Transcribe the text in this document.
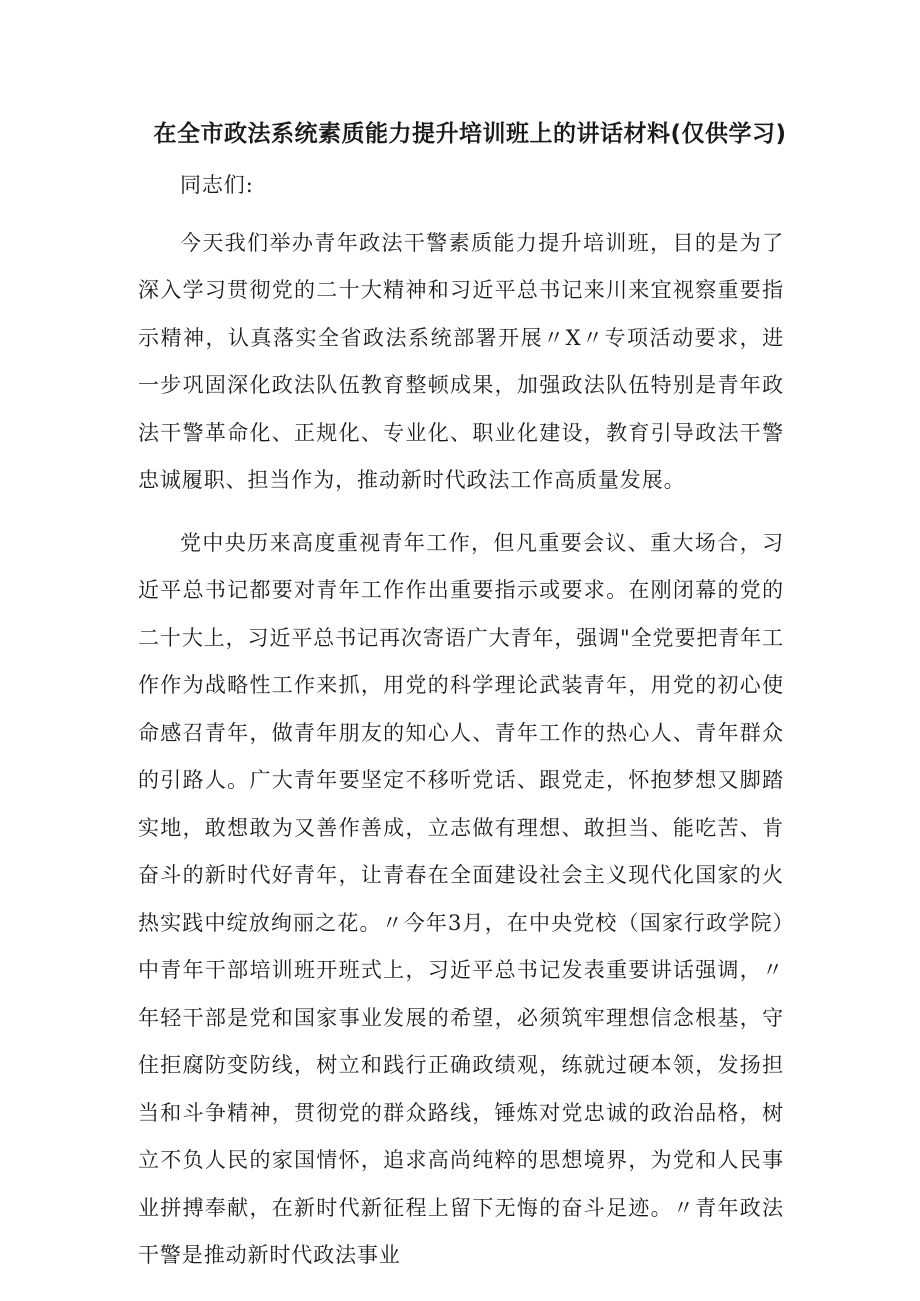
在全市政法系统素质能力提升培训班上的讲话材料(仅供学习)

同志们:

今天我们举办青年政法干警素质能力提升培训班，目的是为了深入学习贯彻党的二十大精神和习近平总书记来川来宜视察重要指示精神，认真落实全省政法系统部署开展〃X〃专项活动要求，进一步巩固深化政法队伍教育整顿成果，加强政法队伍特别是青年政法干警革命化、正规化、专业化、职业化建设，教育引导政法干警忠诚履职、担当作为，推动新时代政法工作高质量发展。

党中央历来高度重视青年工作，但凡重要会议、重大场合，习近平总书记都要对青年工作作出重要指示或要求。在刚闭幕的党的二十大上，习近平总书记再次寄语广大青年，强调"全党要把青年工作作为战略性工作来抓，用党的科学理论武装青年，用党的初心使命感召青年，做青年朋友的知心人、青年工作的热心人、青年群众的引路人。广大青年要坚定不移听党话、跟党走，怀抱梦想又脚踏实地，敢想敢为又善作善成，立志做有理想、敢担当、能吃苦、肯奋斗的新时代好青年，让青春在全面建设社会主义现代化国家的火热实践中绽放绚丽之花。〃今年3月，在中央党校（国家行政学院）中青年干部培训班开班式上，习近平总书记发表重要讲话强调，〃年轻干部是党和国家事业发展的希望，必须筑牢理想信念根基，守住拒腐防变防线，树立和践行正确政绩观，练就过硬本领，发扬担当和斗争精神，贯彻党的群众路线，锤炼对党忠诚的政治品格，树立不负人民的家国情怀，追求高尚纯粹的思想境界，为党和人民事业拼搏奉献，在新时代新征程上留下无悔的奋斗足迹。〃青年政法干警是推动新时代政法事业
